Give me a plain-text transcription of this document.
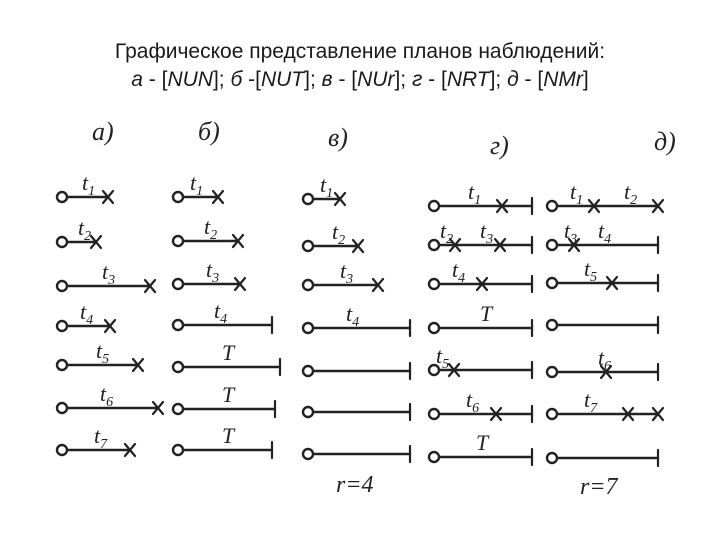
Графическое представление планов наблюдений:
а - [NUN]; б -[NUT]; в - [NUr]; г - [NRT]; д - [NMr]
а)
$t_1$
$t_2$
$t_3$
$t_4$
$t_5$
$t_6$
$t_7$
б)
$t_1$
$t_2$
$t_3$
$t_4$
T
T
T
в)
$t_1$
$t_2$
$t_3$
$t_4$
r=4
г)
$t_1$
$t_2$ $t_3$
$t_4$
T
$t_5$
$t_6$
T
д)
$t_1$ $t_2$
$t_3$ $t_4$
$t_5$
$t_6$
$t_7$
r=7
